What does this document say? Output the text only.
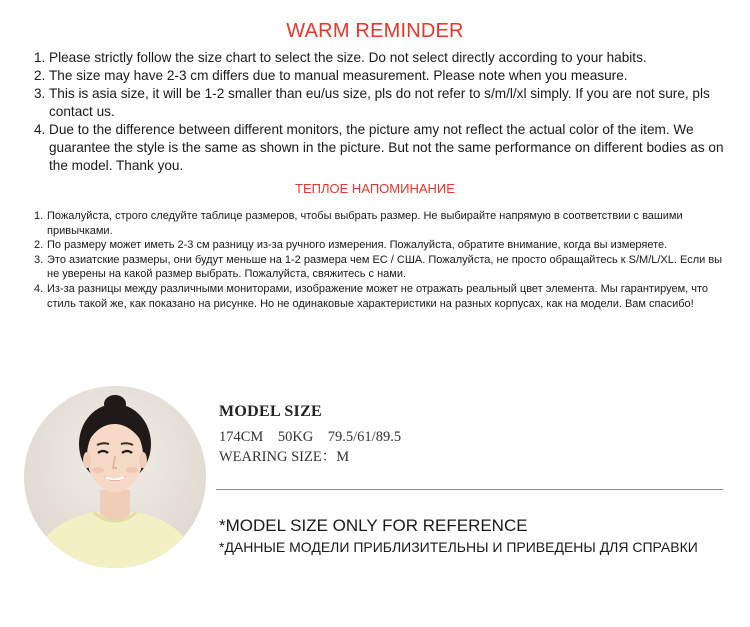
WARM REMINDER
1. Please strictly follow the size chart to select the size. Do not select directly according to your habits.
2. The size may have 2-3 cm differs due to manual measurement. Please note when you measure.
3. This is asia size, it will be 1-2 smaller than eu/us size, pls do not refer to s/m/l/xl simply. If you are not sure, pls contact us.
4. Due to the difference between different monitors, the picture amy not reflect the actual color of the item. We guarantee the style is the same as shown in the picture. But not the same performance on different bodies as on the model. Thank you.
ТЕПЛОЕ НАПОМИНАНИЕ
1. Пожалуйста, строго следуйте таблице размеров, чтобы выбрать размер. Не выбирайте напрямую в соответствии с вашими привычками.
2. По размеру может иметь 2-3 см разницу из-за ручного измерения. Пожалуйста, обратите внимание, когда вы измеряете.
3. Это азиатские размеры, они будут меньше на 1-2 размера чем ЕС / США. Пожалуйста, не просто обращайтесь к S/M/L/XL. Если вы не уверены на какой размер выбрать. Пожалуйста, свяжитесь с нами.
4. Из-за разницы между различными мониторами, изображение может не отражать реальный цвет элемента. Мы гарантируем, что стиль такой же, как показано на рисунке. Но не одинаковые характеристики на разных корпусах, как на модели. Вам спасибо!
MODEL SIZE
174CM    50KG    79.5/61/89.5
WEARING SIZE：M
*MODEL SIZE ONLY FOR REFERENCE
*ДАННЫЕ МОДЕЛИ ПРИБЛИЗИТЕЛЬНЫ И ПРИВЕДЕНЫ ДЛЯ СПРАВКИ
